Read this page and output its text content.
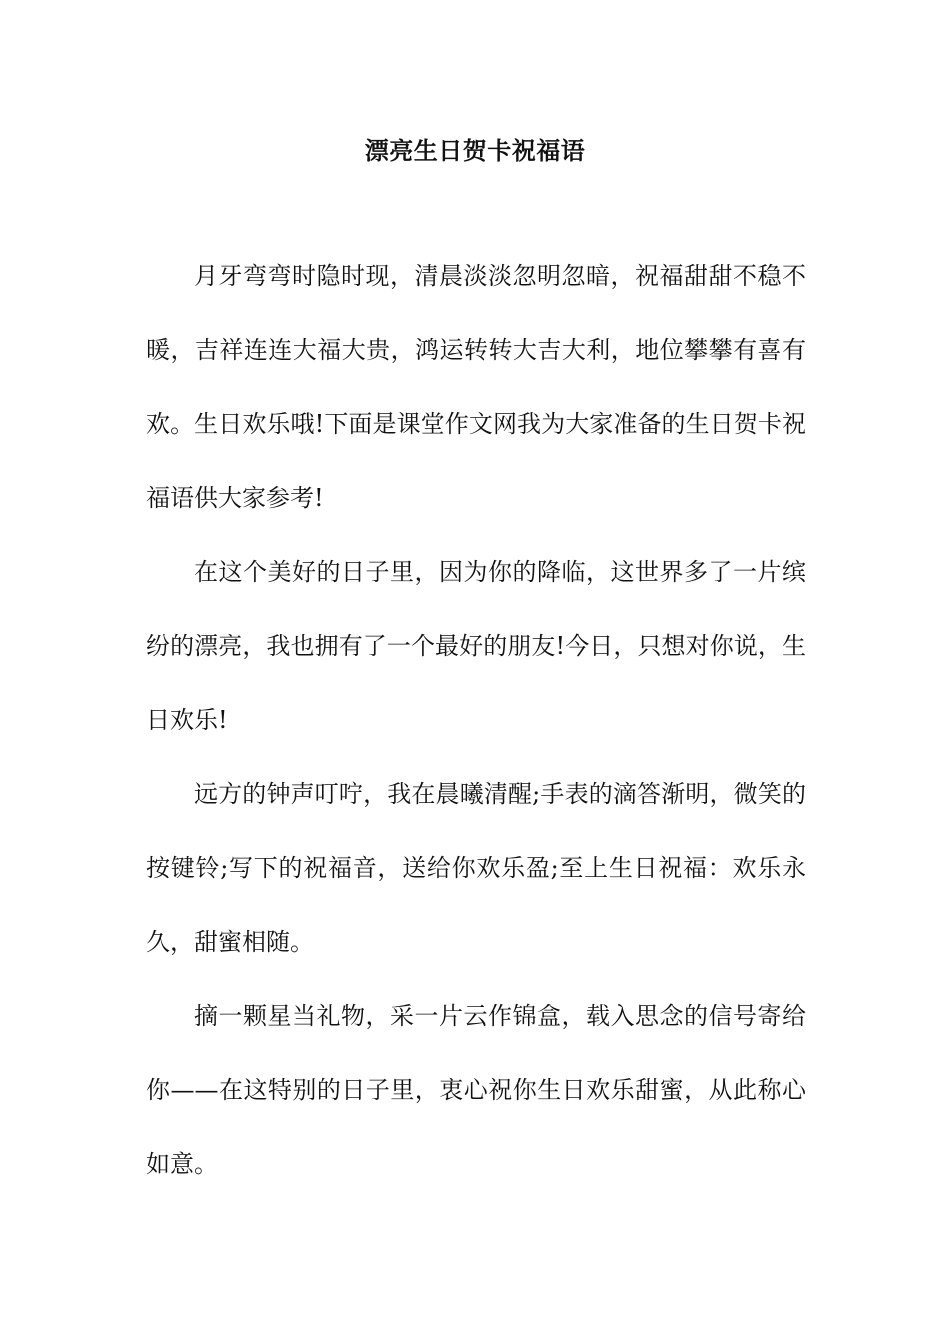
漂亮生日贺卡祝福语

月牙弯弯时隐时现，清晨淡淡忽明忽暗，祝福甜甜不稳不暖，吉祥连连大福大贵，鸿运转转大吉大利，地位攀攀有喜有欢。生日欢乐哦!下面是课堂作文网我为大家准备的生日贺卡祝福语供大家参考!

在这个美好的日子里，因为你的降临，这世界多了一片缤纷的漂亮，我也拥有了一个最好的朋友!今日，只想对你说，生日欢乐!

远方的钟声叮咛，我在晨曦清醒;手表的滴答渐明，微笑的按键铃;写下的祝福音，送给你欢乐盈;至上生日祝福：欢乐永久，甜蜜相随。

摘一颗星当礼物，采一片云作锦盒，载入思念的信号寄给你——在这特别的日子里，衷心祝你生日欢乐甜蜜，从此称心如意。
